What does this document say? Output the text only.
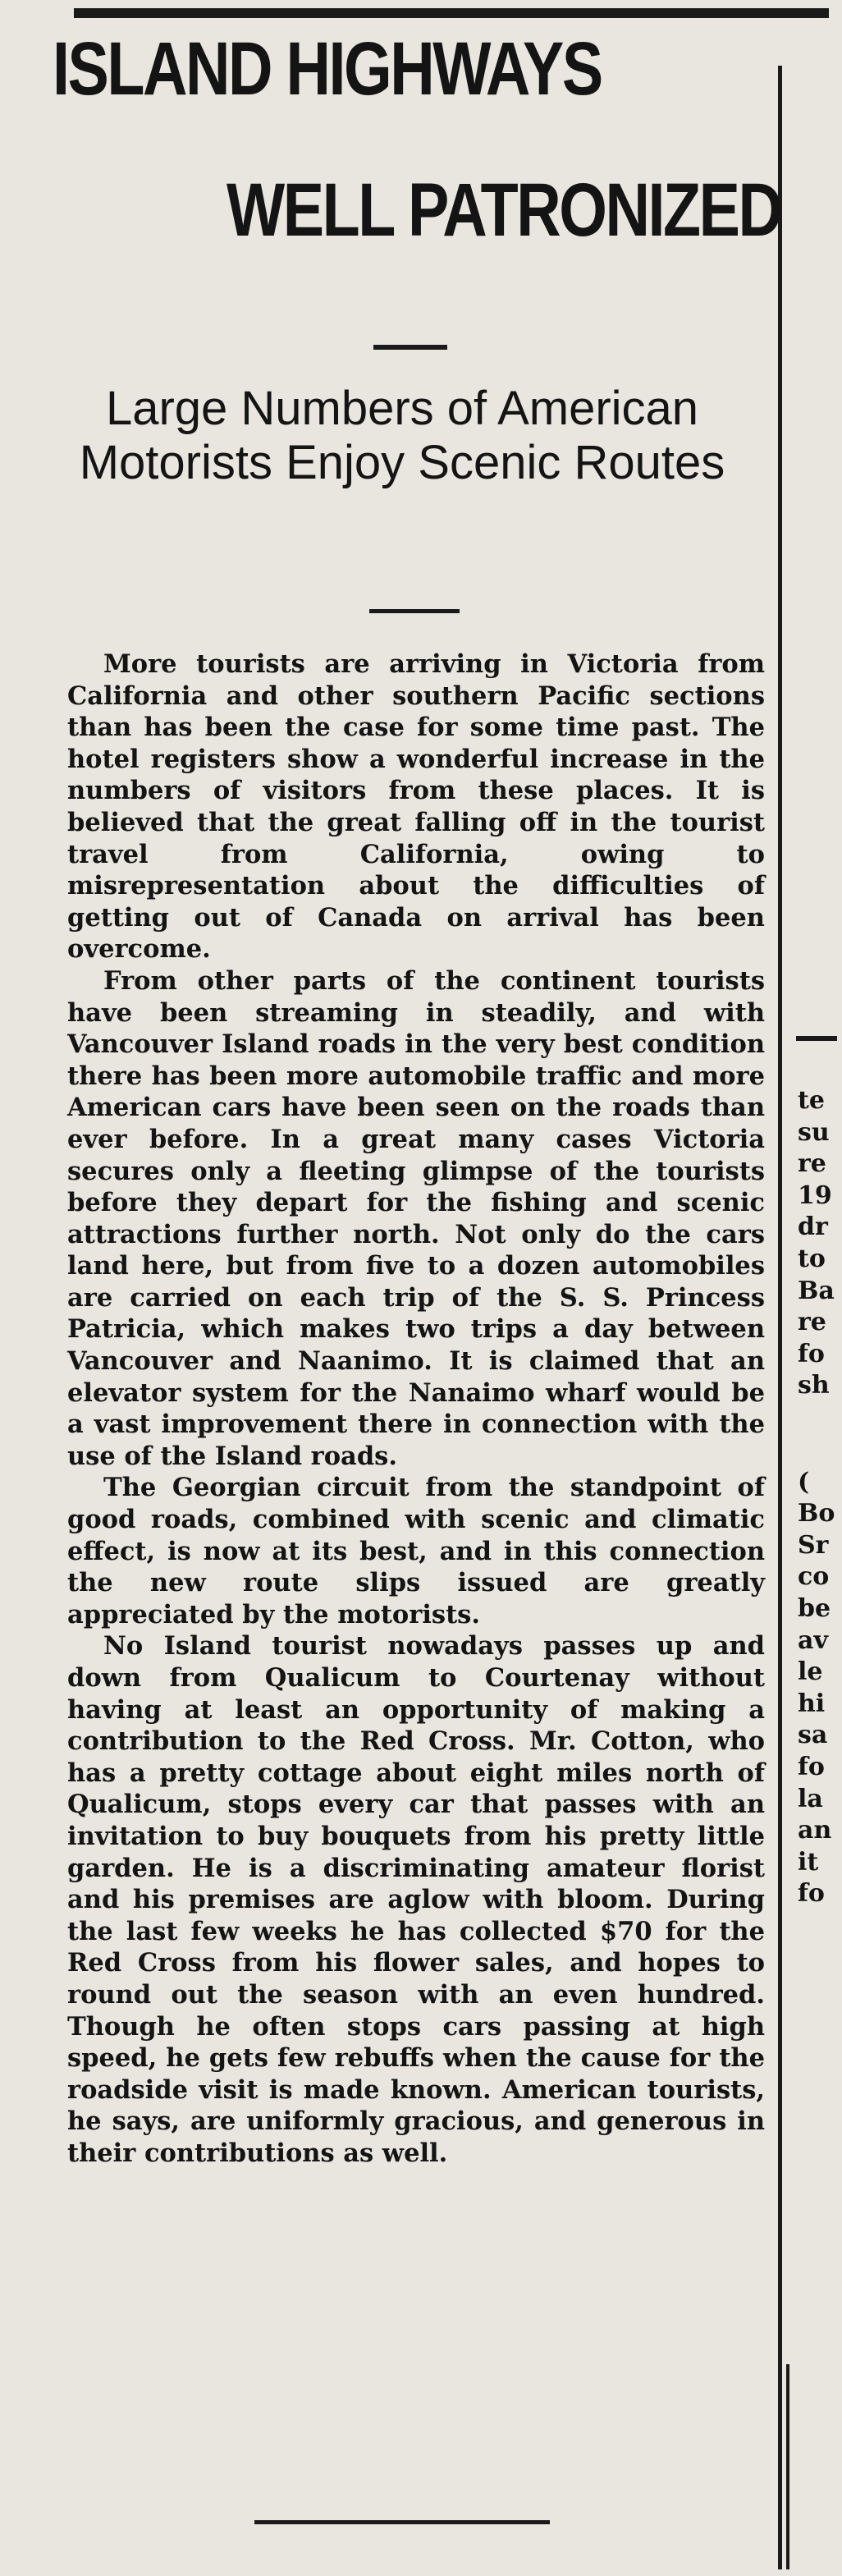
ISLAND HIGHWAYS
WELL PATRONIZED
Large Numbers of American Motorists Enjoy Scenic Routes

More tourists are arriving in Victoria from California and other southern Pacific sections than has been the case for some time past. The hotel registers show a wonderful increase in the numbers of visitors from these places. It is believed that the great falling off in the tourist travel from California, owing to misrepresentation about the difficulties of getting out of Canada on arrival has been overcome.

From other parts of the continent tourists have been streaming in steadily, and with Vancouver Island roads in the very best condition there has been more automobile traffic and more American cars have been seen on the roads than ever before. In a great many cases Victoria secures only a fleeting glimpse of the tourists before they depart for the fishing and scenic attractions further north. Not only do the cars land here, but from five to a dozen automobiles are carried on each trip of the S. S. Princess Patricia, which makes two trips a day between Vancouver and Naanimo. It is claimed that an elevator system for the Nanaimo wharf would be a vast improvement there in connection with the use of the Island roads.

The Georgian circuit from the standpoint of good roads, combined with scenic and climatic effect, is now at its best, and in this connection the new route slips issued are greatly appreciated by the motorists.

No Island tourist nowadays passes up and down from Qualicum to Courtenay without having at least an opportunity of making a contribution to the Red Cross. Mr. Cotton, who has a pretty cottage about eight miles north of Qualicum, stops every car that passes with an invitation to buy bouquets from his pretty little garden. He is a discriminating amateur florist and his premises are aglow with bloom. During the last few weeks he has collected $70 for the Red Cross from his flower sales, and hopes to round out the season with an even hundred. Though he often stops cars passing at high speed, he gets few rebuffs when the cause for the roadside visit is made known. American tourists, he says, are uniformly gracious, and generous in their contributions as well.

te
su
re
19
dr
to
Ba
re
fo
sh
(
Bo
Sr
co
be
av
le
hi
sa
fo
la
an
it
fo
